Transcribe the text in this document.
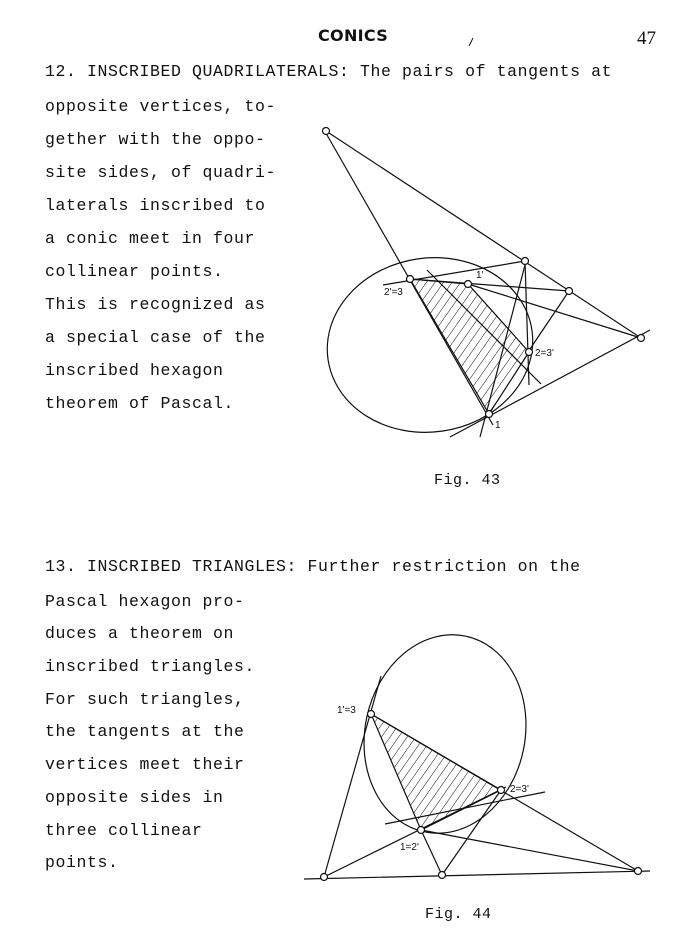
CONICS	47
12. INSCRIBED QUADRILATERALS: The pairs of tangents at
opposite vertices, to-
gether with the oppo-
site sides, of quadri-
laterals inscribed to
a conic meet in four
collinear points.
This is recognized as
a special case of the
inscribed hexagon
theorem of Pascal.
Fig. 43
13. INSCRIBED TRIANGLES: Further restriction on the
Pascal hexagon pro-
duces a theorem on
inscribed triangles.
For such triangles,
the tangents at the
vertices meet their
opposite sides in
three collinear
points.
Fig. 44
2'=3
1'
2=3'
1
1'=3
2=3'
1=2'
